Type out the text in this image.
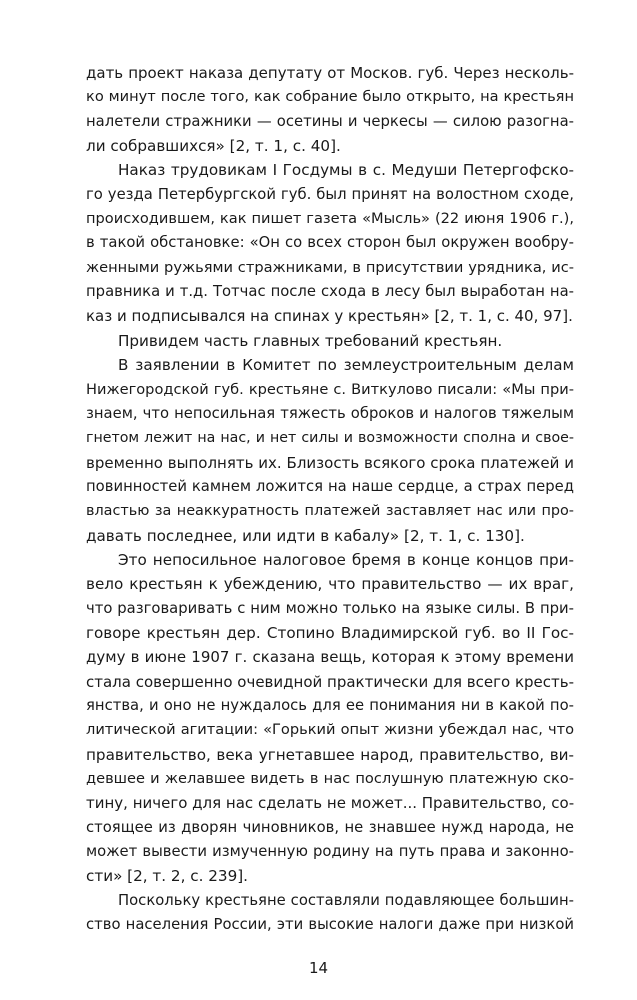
дать проект наказа депутату от Москов. губ. Через несколь-
ко минут после того, как собрание было открыто, на крестьян
налетели стражники — осетины и черкесы — силою разогна-
ли собравшихся» [2, т. 1, с. 40].
Наказ трудовикам I Госдумы в с. Медуши Петергофско-
го уезда Петербургской губ. был принят на волостном сходе,
происходившем, как пишет газета «Мысль» (22 июня 1906 г.),
в такой обстановке: «Он со всех сторон был окружен вообру-
женными ружьями стражниками, в присутствии урядника, ис-
правника и т.д. Тотчас после схода в лесу был выработан на-
каз и подписывался на спинах у крестьян» [2, т. 1, с. 40, 97].
Привидем часть главных требований крестьян.
В заявлении в Комитет по землеустроительным делам
Нижегородской губ. крестьяне с. Виткулово писали: «Мы при-
знаем, что непосильная тяжесть оброков и налогов тяжелым
гнетом лежит на нас, и нет силы и возможности сполна и свое-
временно выполнять их. Близость всякого срока платежей и
повинностей камнем ложится на наше сердце, а страх перед
властью за неаккуратность платежей заставляет нас или про-
давать последнее, или идти в кабалу» [2, т. 1, с. 130].
Это непосильное налоговое бремя в конце концов при-
вело крестьян к убеждению, что правительство — их враг,
что разговаривать с ним можно только на языке силы. В при-
говоре крестьян дер. Стопино Владимирской губ. во II Гос-
думу в июне 1907 г. сказана вещь, которая к этому времени
стала совершенно очевидной практически для всего кресть-
янства, и оно не нуждалось для ее понимания ни в какой по-
литической агитации: «Горький опыт жизни убеждал нас, что
правительство, века угнетавшее народ, правительство, ви-
девшее и желавшее видеть в нас послушную платежную ско-
тину, ничего для нас сделать не может... Правительство, со-
стоящее из дворян чиновников, не знавшее нужд народа, не
может вывести измученную родину на путь права и законно-
сти» [2, т. 2, с. 239].
Поскольку крестьяне составляли подавляющее большин-
ство населения России, эти высокие налоги даже при низкой
14
